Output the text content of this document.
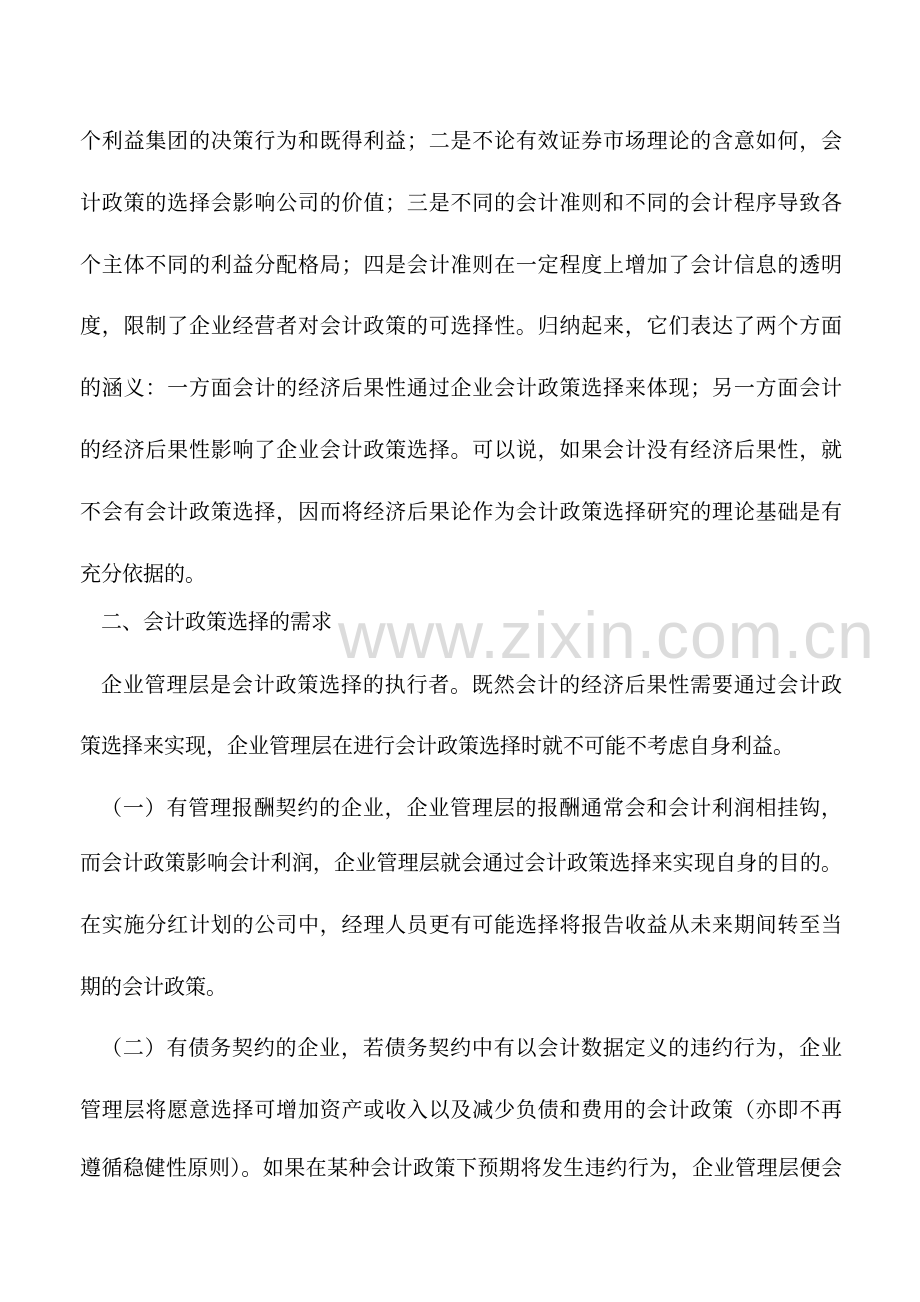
www.zixin.com.cn
个利益集团的决策行为和既得利益；二是不论有效证券市场理论的含意如何，会
计政策的选择会影响公司的价值；三是不同的会计准则和不同的会计程序导致各
个主体不同的利益分配格局；四是会计准则在一定程度上增加了会计信息的透明
度，限制了企业经营者对会计政策的可选择性。归纳起来，它们表达了两个方面
的涵义：一方面会计的经济后果性通过企业会计政策选择来体现；另一方面会计
的经济后果性影响了企业会计政策选择。可以说，如果会计没有经济后果性，就
不会有会计政策选择，因而将经济后果论作为会计政策选择研究的理论基础是有
充分依据的。
二、会计政策选择的需求
企业管理层是会计政策选择的执行者。既然会计的经济后果性需要通过会计政
策选择来实现，企业管理层在进行会计政策选择时就不可能不考虑自身利益。
（一）有管理报酬契约的企业，企业管理层的报酬通常会和会计利润相挂钩，
而会计政策影响会计利润，企业管理层就会通过会计政策选择来实现自身的目的。
在实施分红计划的公司中，经理人员更有可能选择将报告收益从未来期间转至当
期的会计政策。
（二）有债务契约的企业，若债务契约中有以会计数据定义的违约行为，企业
管理层将愿意选择可增加资产或收入以及减少负债和费用的会计政策（亦即不再
遵循稳健性原则）。如果在某种会计政策下预期将发生违约行为，企业管理层便会
